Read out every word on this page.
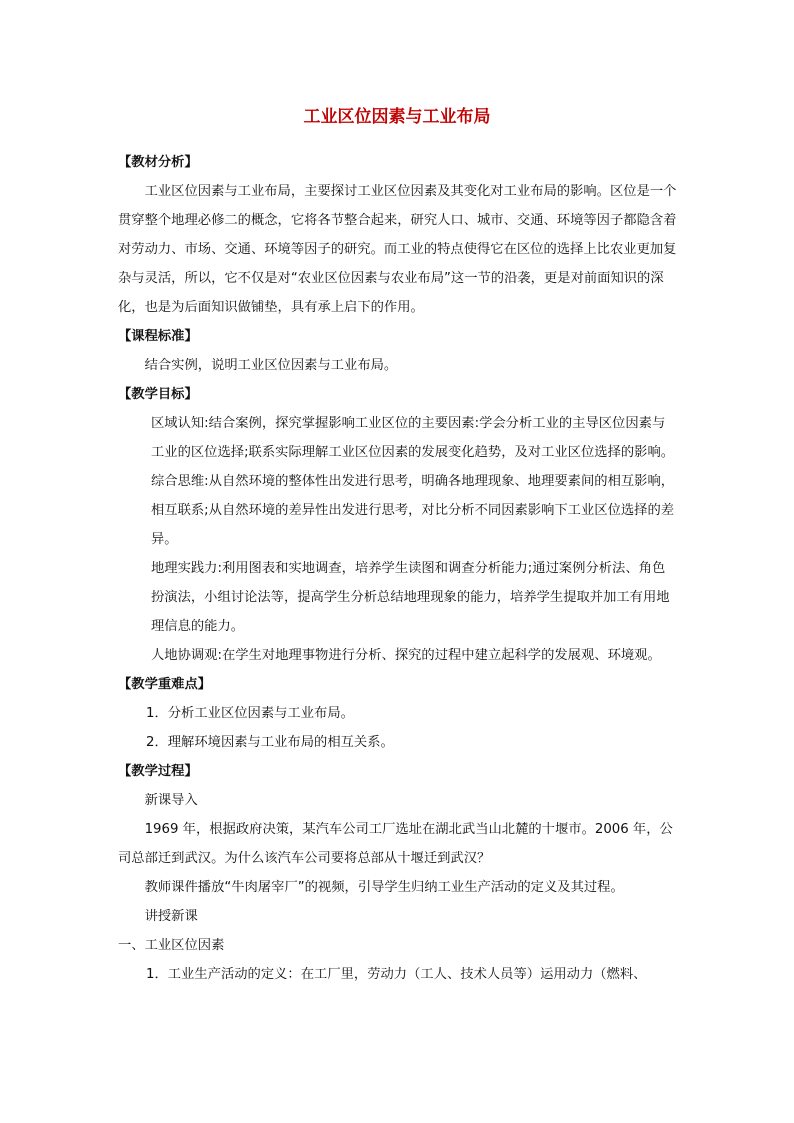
工业区位因素与工业布局

【教材分析】

工业区位因素与工业布局，主要探讨工业区位因素及其变化对工业布局的影响。区位是一个贯穿整个地理必修二的概念，它将各节整合起来，研究人口、城市、交通、环境等因子都隐含着对劳动力、市场、交通、环境等因子的研究。而工业的特点使得它在区位的选择上比农业更加复杂与灵活，所以，它不仅是对“农业区位因素与农业布局”这一节的沿袭，更是对前面知识的深化，也是为后面知识做铺垫，具有承上启下的作用。

【课程标准】

结合实例，说明工业区位因素与工业布局。

【教学目标】

区域认知:结合案例，探究掌握影响工业区位的主要因素:学会分析工业的主导区位因素与工业的区位选择;联系实际理解工业区位因素的发展变化趋势，及对工业区位选择的影响。

综合思维:从自然环境的整体性出发进行思考，明确各地理现象、地理要素间的相互影响，相互联系;从自然环境的差异性出发进行思考，对比分析不同因素影响下工业区位选择的差异。

地理实践力:利用图表和实地调查，培养学生读图和调查分析能力;通过案例分析法、角色扮演法，小组讨论法等，提高学生分析总结地理现象的能力，培养学生提取并加工有用地理信息的能力。

人地协调观:在学生对地理事物进行分析、探究的过程中建立起科学的发展观、环境观。

【教学重难点】

1．分析工业区位因素与工业布局。

2．理解环境因素与工业布局的相互关系。

【教学过程】

新课导入

1969 年，根据政府决策，某汽车公司工厂选址在湖北武当山北麓的十堰市。2006 年，公司总部迁到武汉。为什么该汽车公司要将总部从十堰迁到武汉？

教师课件播放“牛肉屠宰厂”的视频，引导学生归纳工业生产活动的定义及其过程。

讲授新课

一、工业区位因素

1．工业生产活动的定义：在工厂里，劳动力（工人、技术人员等）运用动力（燃料、
